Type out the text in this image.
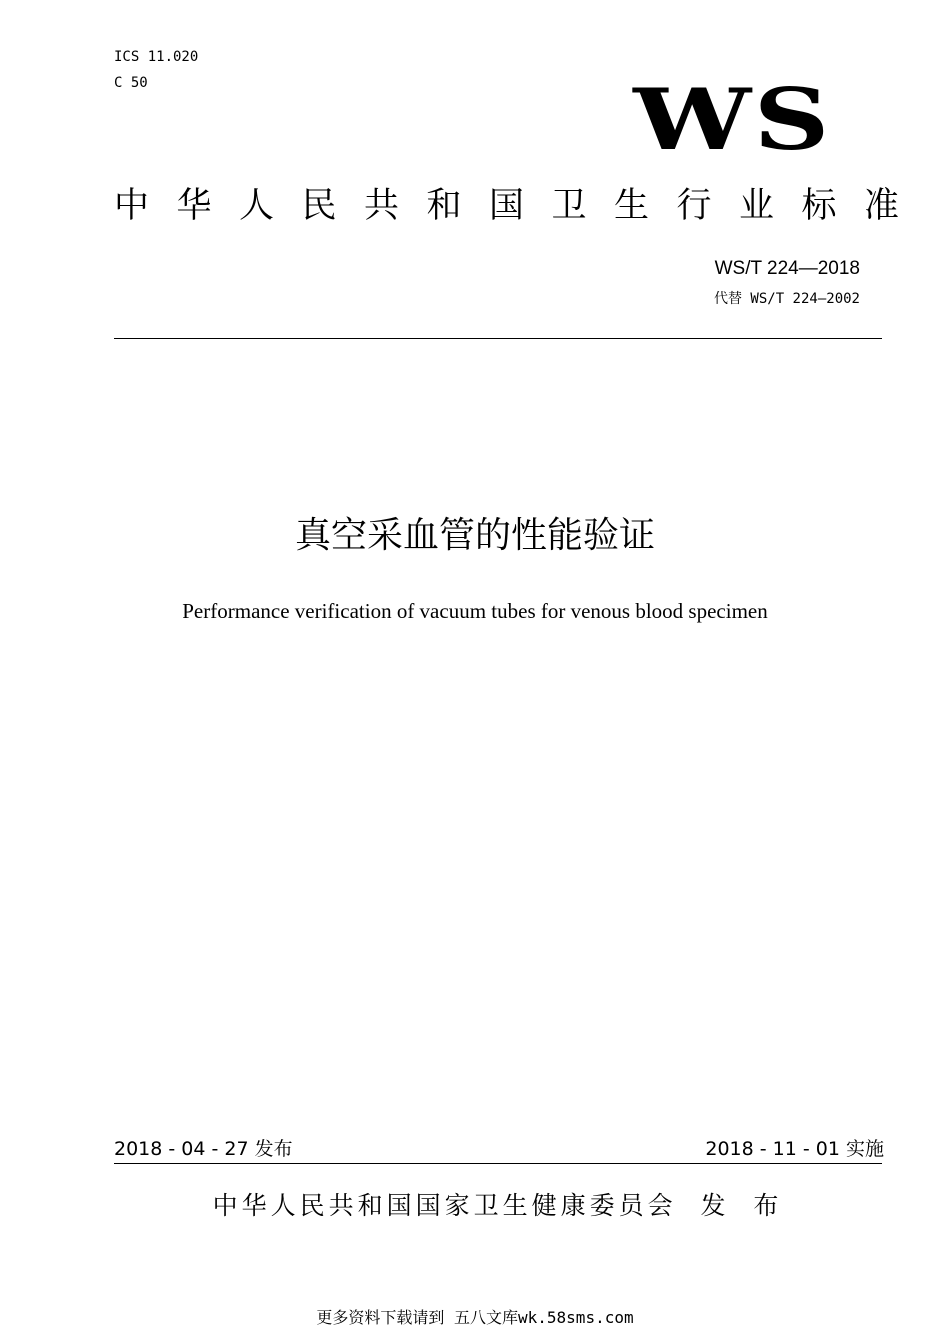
ICS 11.020
C 50	WS
中华人民共和国卫生行业标准
WS/T 224—2018
代替 WS/T 224—2002
真空采血管的性能验证
Performance verification of vacuum tubes for venous blood specimen
2018 - 04 - 27 发布	2018 - 11 - 01 实施
中华人民共和国国家卫生健康委员会  发  布
更多资料下载请到 五八文库wk.58sms.com
